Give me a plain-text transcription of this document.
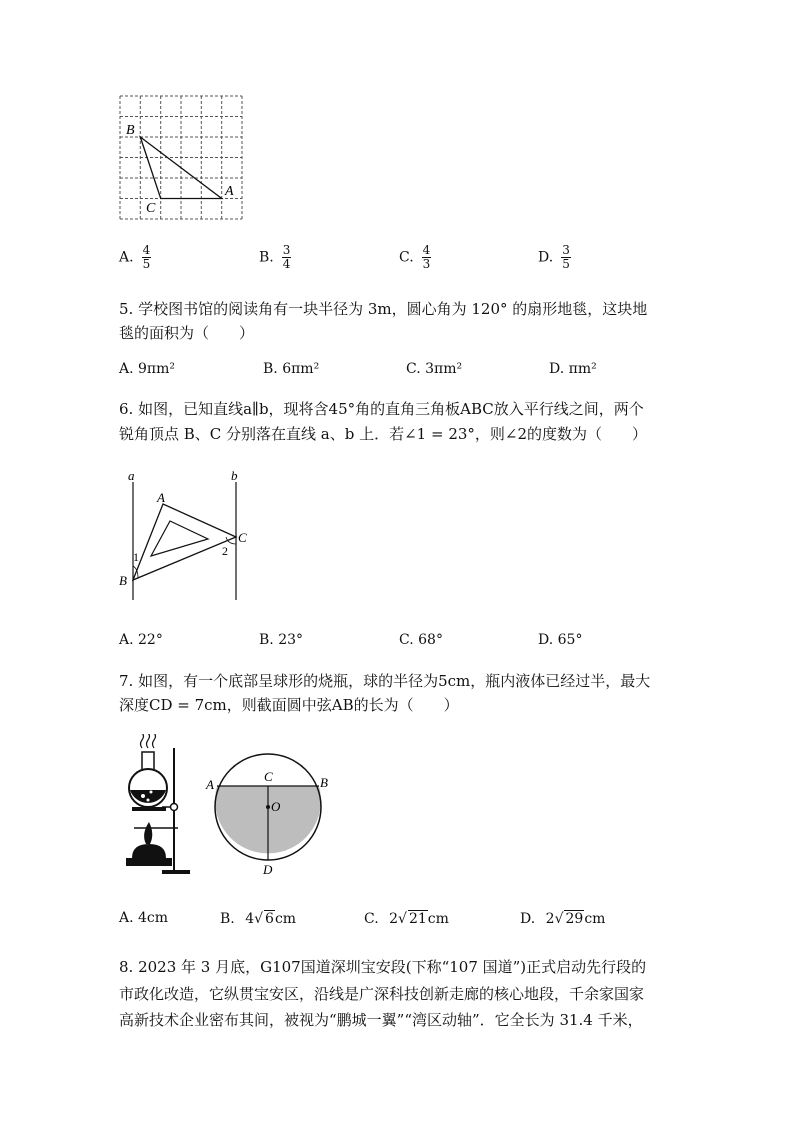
B
C
A
A. $\frac{4}{5}$	B. $\frac{3}{4}$	C. $\frac{4}{3}$	D. $\frac{3}{5}$
5. 学校图书馆的阅读角有一块半径为 3m，圆心角为 120° 的扇形地毯，这块地
毯的面积为（　　）
A. 9πm²	B. 6πm²	C. 3πm²	D. πm²
6. 如图，已知直线a∥b，现将含45°角的直角三角板ABC放入平行线之间，两个
锐角顶点 B、C 分别落在直线 a、b 上．若∠1 = 23°，则∠2的度数为（　　）
a	b
A
B
C
1	2
A. 22°	B. 23°	C. 68°	D. 65°
7. 如图，有一个底部呈球形的烧瓶，球的半径为5cm，瓶内液体已经过半，最大
深度CD = 7cm，则截面圆中弦AB的长为（　　）
A	B
C
D
O
A. 4cm	B. 4√ 6cm	C. 2√ 21cm	D. 2√ 29cm
8. 2023 年 3 月底，G107国道深圳宝安段(下称“107 国道”)正式启动先行段的
市政化改造，它纵贯宝安区，沿线是广深科技创新走廊的核心地段，千余家国家
高新技术企业密布其间，被视为“鹏城一翼”“湾区动轴”．它全长为 31.4 千米，
